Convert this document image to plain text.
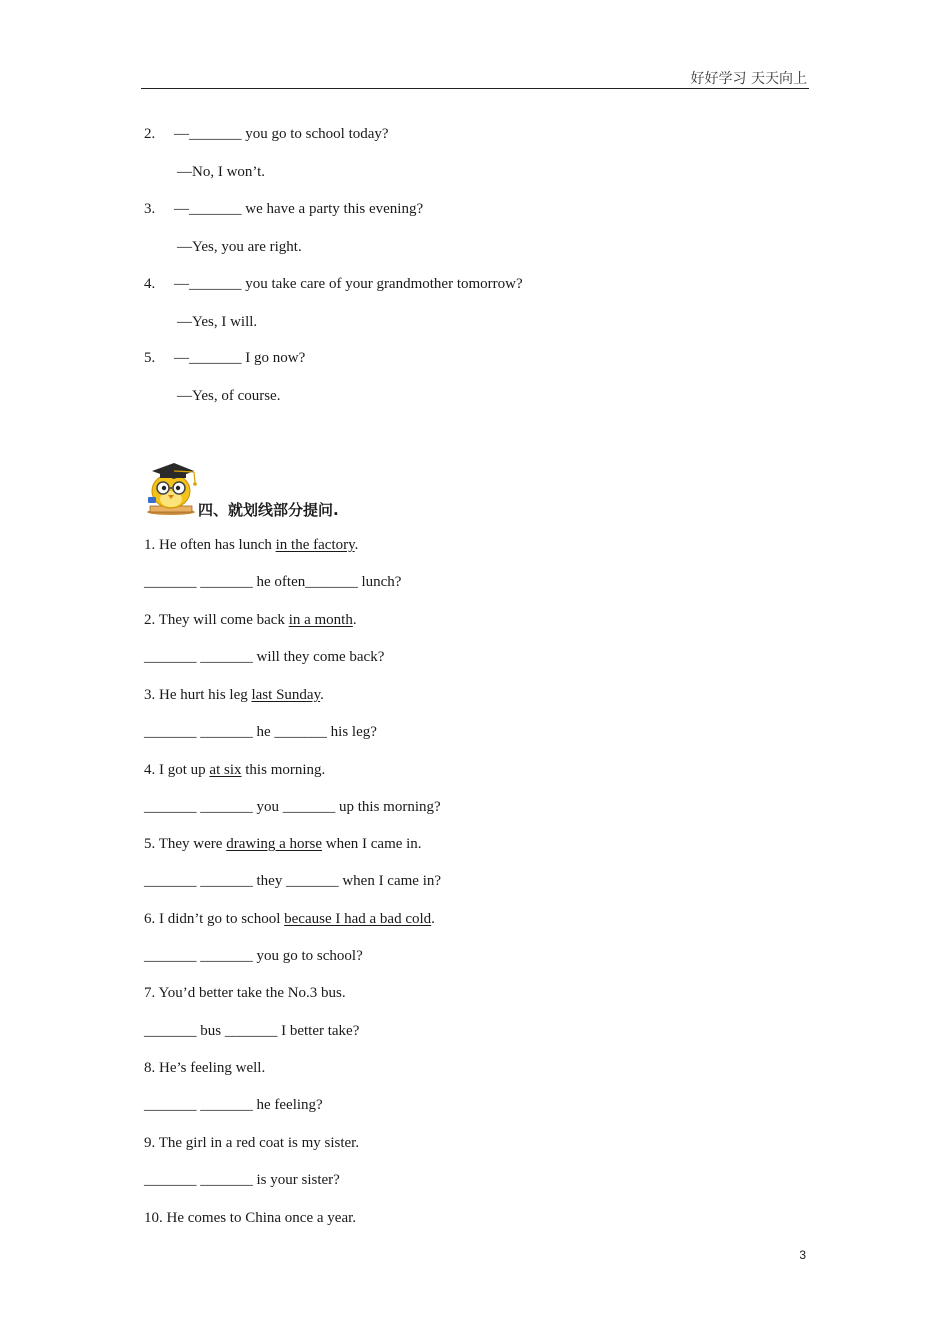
好好学习 天天向上
2. —_______ you go to school today?
—No, I won’t.
3. —_______ we have a party this evening?
—Yes, you are right.
4. —_______ you take care of your grandmother tomorrow?
—Yes, I will.
5. —_______ I go now?
—Yes, of course.
四、就划线部分提问.
1. He often has lunch in the factory.
_______ _______ he often_______ lunch?
2. They will come back in a month.
_______ _______ will they come back?
3. He hurt his leg last Sunday.
_______ _______ he _______ his leg?
4. I got up at six this morning.
_______ _______ you _______ up this morning?
5. They were drawing a horse when I came in.
_______ _______ they _______ when I came in?
6. I didn’t go to school because I had a bad cold.
_______ _______ you go to school?
7. You’d better take the No.3 bus.
_______ bus _______ I better take?
8. He’s feeling well.
_______ _______ he feeling?
9. The girl in a red coat is my sister.
_______ _______ is your sister?
10. He comes to China once a year.
3
